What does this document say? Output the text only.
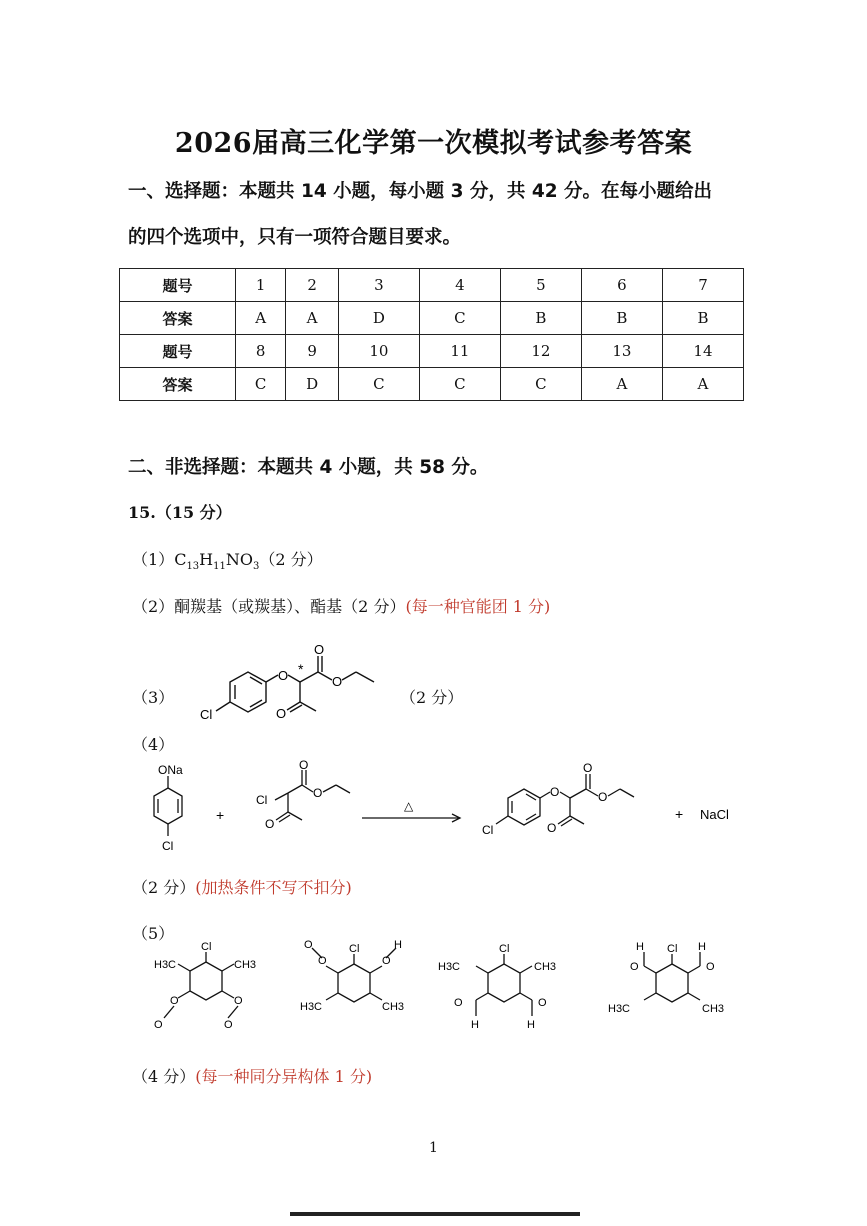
2026届高三化学第一次模拟考试参考答案
一、选择题：本题共 14 小题，每小题 3 分，共 42 分。在每小题给出
的四个选项中，只有一项符合题目要求。
题号	1	2	3	4	5	6	7
答案	A	A	D	C	B	B	B
题号	8	9	10	11	12	13	14
答案	C	D	C	C	C	A	A
二、非选择题：本题共 4 小题，共 58 分。
15.（15 分）
$(1)C_{13}H_{11}NO_3(2$ 分）
（2）酮羰基（或羰基）、酯基（2 分）(每一种官能团 1 分)
（3）
Cl
O
O
O
O
*
（2 分）
（4）
ONa
Cl
+
Cl
O
O
O
△
Cl
O
O
O
O
+ NaCl
（2 分）(加热条件不写不扣分)
（5）
Cl
H3C	CH3
O	O
O	O
Cl
O	O
O	H
H3C	CH3
Cl
H3C	CH3
O	O
H	H
Cl
H	H
O	O
H3C	CH3
（4 分）(每一种同分异构体 1 分)
1
